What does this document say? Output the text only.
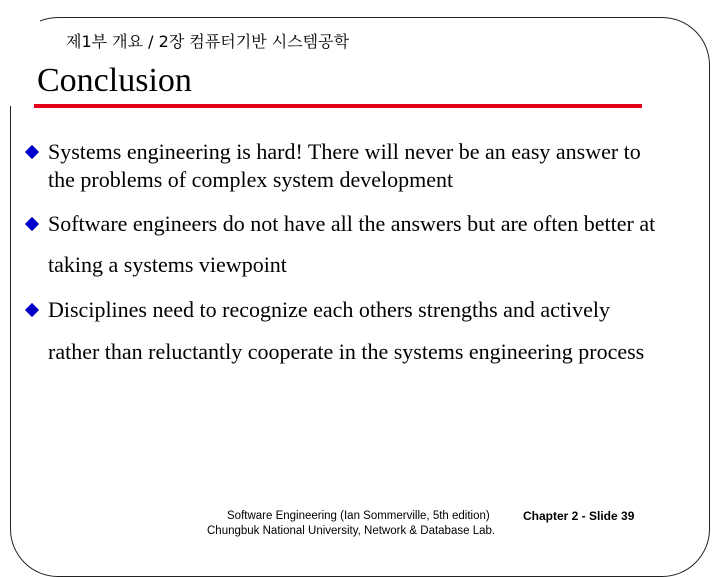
제1부 개요 / 2장 컴퓨터기반 시스템공학
Conclusion
Systems engineering is hard! There will never be an easy answer to
the problems of complex system development
Software engineers do not have all the answers but are often better at
taking a systems viewpoint
Disciplines need to recognize each others strengths and actively
rather than reluctantly cooperate in the systems engineering process
Software Engineering (Ian Sommerville, 5th edition)
Chungbuk National University, Network & Database Lab.
Chapter 2 - Slide 39
